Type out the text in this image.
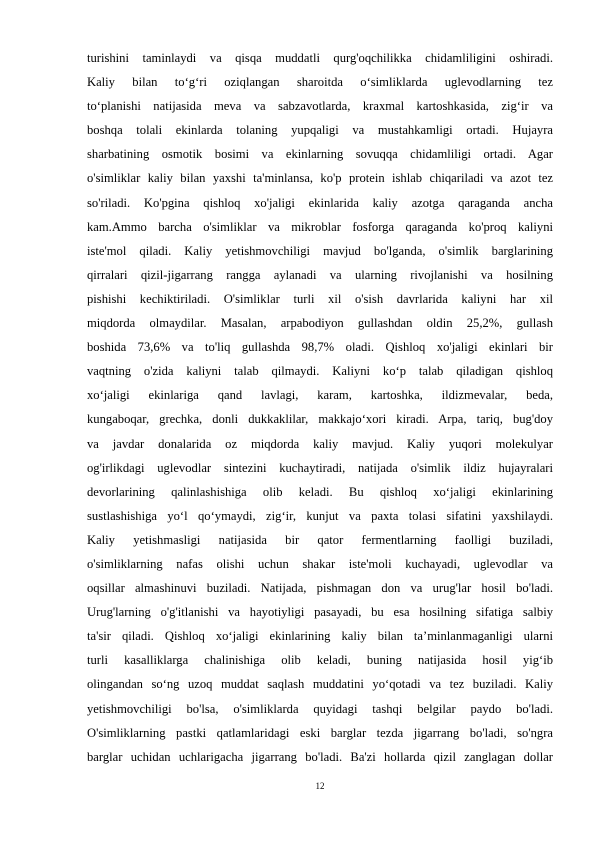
turishini taminlaydi va qisqa muddatli qurg'oqchilikka chidamliligini oshiradi.
Kaliy bilan to‘g‘ri oziqlangan sharoitda o‘simliklarda uglevodlarning tez
to‘planishi natijasida meva va sabzavotlarda, kraxmal kartoshkasida, zig‘ir va
boshqa tolali ekinlarda tolaning yupqaligi va mustahkamligi ortadi. Hujayra
sharbatining osmotik bosimi va ekinlarning sovuqqa chidamliligi ortadi. Agar
o'simliklar kaliy bilan yaxshi ta'minlansa, ko'p protein ishlab chiqariladi va azot tez
so'riladi. Ko'pgina qishloq xo'jaligi ekinlarida kaliy azotga qaraganda ancha
kam.Ammo barcha o'simliklar va mikroblar fosforga qaraganda ko'proq kaliyni
iste'mol qiladi. Kaliy yetishmovchiligi mavjud bo'lganda, o'simlik barglarining
qirralari qizil-jigarrang rangga aylanadi va ularning rivojlanishi va hosilning
pishishi kechiktiriladi. O'simliklar turli xil o'sish davrlarida kaliyni har xil
miqdorda olmaydilar. Masalan, arpabodiyon gullashdan oldin 25,2%, gullash
boshida 73,6% va to'liq gullashda 98,7% oladi. Qishloq xo'jaligi ekinlari bir
vaqtning o'zida kaliyni talab qilmaydi. Kaliyni ko‘p talab qiladigan qishloq
xo‘jaligi ekinlariga qand lavlagi, karam, kartoshka, ildizmevalar, beda,
kungaboqar, grechka, donli dukkaklilar, makkajo‘xori kiradi. Arpa, tariq, bug'doy
va javdar donalarida oz miqdorda kaliy mavjud. Kaliy yuqori molekulyar
og'irlikdagi uglevodlar sintezini kuchaytiradi, natijada o'simlik ildiz hujayralari
devorlarining qalinlashishiga olib keladi. Bu qishloq xo‘jaligi ekinlarining
sustlashishiga yo‘l qo‘ymaydi, zig‘ir, kunjut va paxta tolasi sifatini yaxshilaydi.
Kaliy yetishmasligi natijasida bir qator fermentlarning faolligi buziladi,
o'simliklarning nafas olishi uchun shakar iste'moli kuchayadi, uglevodlar va
oqsillar almashinuvi buziladi. Natijada, pishmagan don va urug'lar hosil bo'ladi.
Urug'larning o'g'itlanishi va hayotiyligi pasayadi, bu esa hosilning sifatiga salbiy
ta'sir qiladi. Qishloq xo‘jaligi ekinlarining kaliy bilan ta’minlanmaganligi ularni
turli kasalliklarga chalinishiga olib keladi, buning natijasida hosil yig‘ib
olingandan so‘ng uzoq muddat saqlash muddatini yo‘qotadi va tez buziladi. Kaliy
yetishmovchiligi bo'lsa, o'simliklarda quyidagi tashqi belgilar paydo bo'ladi.
O'simliklarning pastki qatlamlaridagi eski barglar tezda jigarrang bo'ladi, so'ngra
barglar uchidan uchlarigacha jigarrang bo'ladi. Ba'zi hollarda qizil zanglagan dollar
12
